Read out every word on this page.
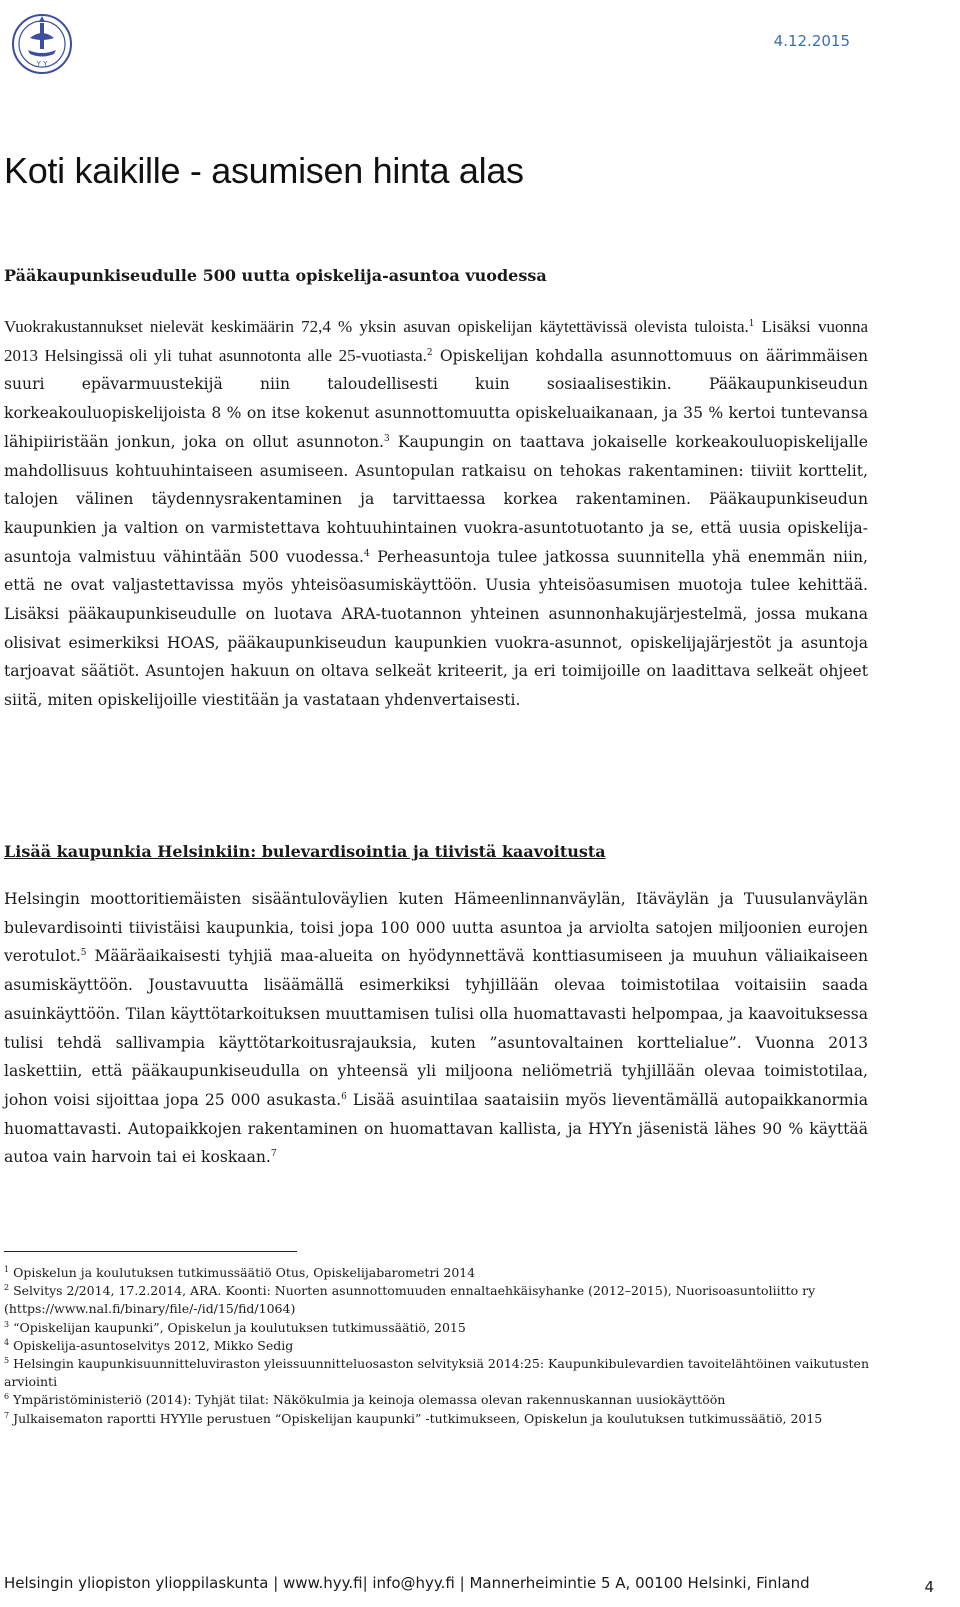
Y Y
4.12.2015
Koti kaikille - asumisen hinta alas

Pääkaupunkiseudulle 500 uutta opiskelija-asuntoa vuodessa

Vuokrakustannukset nielevät keskimäärin 72,4 % yksin asuvan opiskelijan käytettävissä olevista tuloista.$^1$ Lisäksi vuonna 2013 Helsingissä oli yli tuhat asunnotonta alle 25-vuotiasta.$^2$ Opiskelijan kohdalla asunnottomuus on äärimmäisen suuri epävarmuustekijä niin taloudellisesti kuin sosiaalisestikin. Pääkaupunkiseudun korkeakouluopiskelijoista 8 % on itse kokenut asunnottomuutta opiskeluaikanaan, ja 35 % kertoi tuntevansa lähipiiristään jonkun, joka on ollut asunnoton.$^3$ Kaupungin on taattava jokaiselle korkeakouluopiskelijalle mahdollisuus kohtuuhintaiseen asumiseen. Asuntopulan ratkaisu on tehokas rakentaminen: tiiviit korttelit, talojen välinen täydennysrakentaminen ja tarvittaessa korkea rakentaminen. Pääkaupunkiseudun kaupunkien ja valtion on varmistettava kohtuuhintainen vuokra-asuntotuotanto ja se, että uusia opiskelija-asuntoja valmistuu vähintään 500 vuodessa.$^4$ Perheasuntoja tulee jatkossa suunnitella yhä enemmän niin, että ne ovat valjastettavissa myös yhteisöasumiskäyttöön. Uusia yhteisöasumisen muotoja tulee kehittää. Lisäksi pääkaupunkiseudulle on luotava ARA-tuotannon yhteinen asunnonhakujärjestelmä, jossa mukana olisivat esimerkiksi HOAS, pääkaupunkiseudun kaupunkien vuokra-asunnot, opiskelijajärjestöt ja asuntoja tarjoavat säätiöt. Asuntojen hakuun on oltava selkeät kriteerit, ja eri toimijoille on laadittava selkeät ohjeet siitä, miten opiskelijoille viestitään ja vastataan yhdenvertaisesti.

Lisää kaupunkia Helsinkiin: bulevardisointia ja tiivistä kaavoitusta

Helsingin moottoritiemäisten sisääntuloväylien kuten Hämeenlinnanväylän, Itäväylän ja Tuusulanväylän bulevardisointi tiivistäisi kaupunkia, toisi jopa 100 000 uutta asuntoa ja arviolta satojen miljoonien eurojen verotulot.$^5$ Määräaikaisesti tyhjiä maa-alueita on hyödynnettävä konttiasumiseen ja muuhun väliaikaiseen asumiskäyttöön. Joustavuutta lisäämällä esimerkiksi tyhjillään olevaa toimistotilaa voitaisiin saada asuinkäyttöön. Tilan käyttötarkoituksen muuttamisen tulisi olla huomattavasti helpompaa, ja kaavoituksessa tulisi tehdä sallivampia käyttötarkoitusrajauksia, kuten ”asuntovaltainen korttelialue”. Vuonna 2013 laskettiin, että pääkaupunkiseudulla on yhteensä yli miljoona neliömetriä tyhjillään olevaa toimistotilaa, johon voisi sijoittaa jopa 25 000 asukasta.$^6$ Lisää asuintilaa saataisiin myös lieventämällä autopaikkanormia huomattavasti. Autopaikkojen rakentaminen on huomattavan kallista, ja HYYn jäsenistä lähes 90 % käyttää autoa vain harvoin tai ei koskaan.$^7$

$^1$ Opiskelun ja koulutuksen tutkimussäätiö Otus, Opiskelijabarometri 2014
$^2$ Selvitys 2/2014, 17.2.2014, ARA. Koonti: Nuorten asunnottomuuden ennaltaehkäisyhanke (2012–2015), Nuorisoasuntoliitto ry (https://www.nal.fi/binary/file/-/id/15/fid/1064)
$^3$ “Opiskelijan kaupunki”, Opiskelun ja koulutuksen tutkimussäätiö, 2015
$^4$ Opiskelija-asuntoselvitys 2012, Mikko Sedig
$^5$ Helsingin kaupunkisuunnitteluviraston yleissuunnitteluosaston selvityksiä 2014:25: Kaupunkibulevardien tavoitelähtöinen vaikutusten arviointi
$^6$ Ympäristöministeriö (2014): Tyhjät tilat: Näkökulmia ja keinoja olemassa olevan rakennuskannan uusiokäyttöön
$^7$ Julkaisematon raportti HYYlle perustuen “Opiskelijan kaupunki” -tutkimukseen, Opiskelun ja koulutuksen tutkimussäätiö, 2015
Helsingin yliopiston ylioppilaskunta | www.hyy.fi| info@hyy.fi | Mannerheimintie 5 A, 00100 Helsinki, Finland	4
